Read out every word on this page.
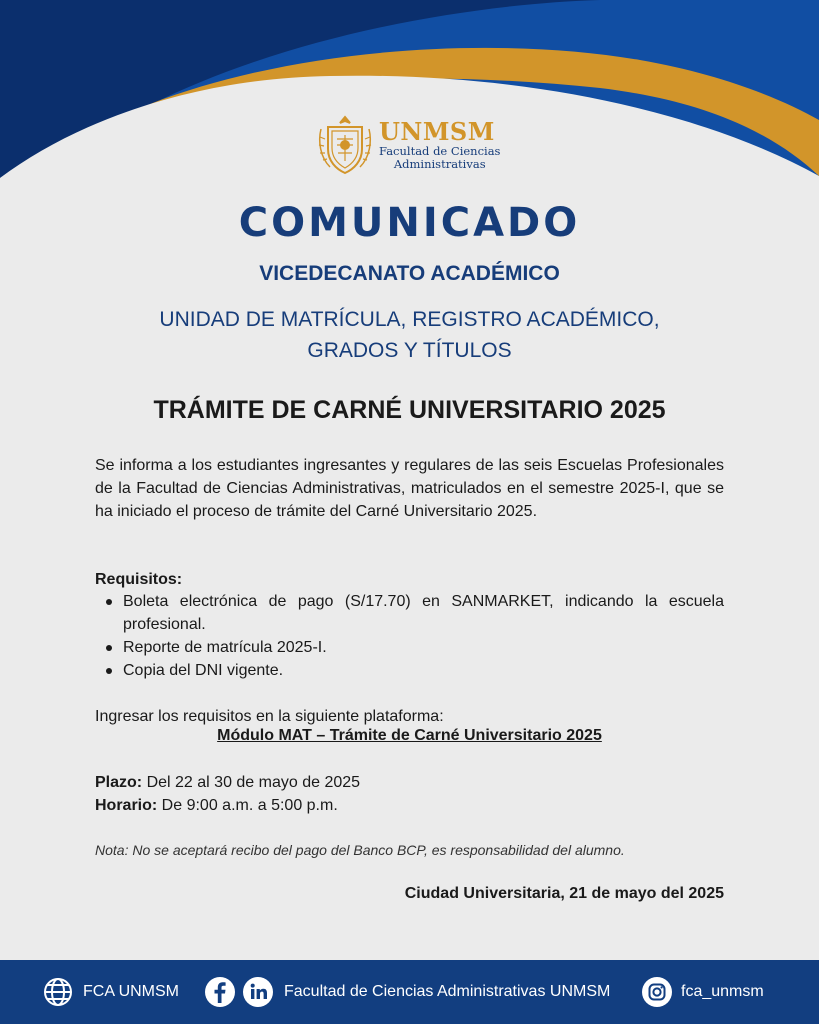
UNMSM
Facultad de Ciencias
Administrativas
COMUNICADO
VICEDECANATO ACADÉMICO
UNIDAD DE MATRÍCULA, REGISTRO ACADÉMICO,
GRADOS Y TÍTULOS
TRÁMITE DE CARNÉ UNIVERSITARIO 2025

Se informa a los estudiantes ingresantes y regulares de las seis Escuelas Profesionales de la Facultad de Ciencias Administrativas, matriculados en el semestre 2025-I, que se ha iniciado el proceso de trámite del Carné Universitario 2025.

Requisitos:
Boleta electrónica de pago (S/17.70) en SANMARKET, indicando la escuela profesional.
Reporte de matrícula 2025-I.
Copia del DNI vigente.
Ingresar los requisitos en la siguiente plataforma:
Módulo MAT – Trámite de Carné Universitario 2025
Plazo: Del 22 al 30 de mayo de 2025
Horario: De 9:00 a.m. a 5:00 p.m.
Nota: No se aceptará recibo del pago del Banco BCP, es responsabilidad del alumno.
Ciudad Universitaria, 21 de mayo del 2025
FCA UNMSM	Facultad de Ciencias Administrativas UNMSM	fca_unmsm
